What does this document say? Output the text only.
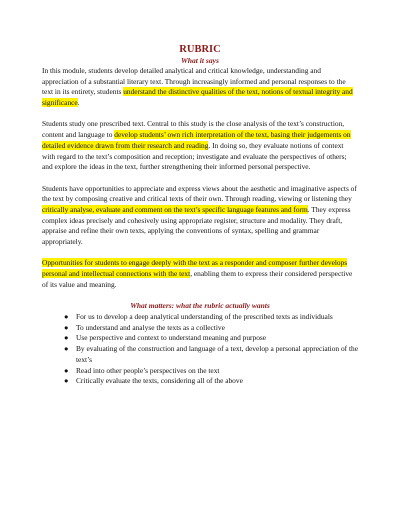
RUBRIC
What it says

In this module, students develop detailed analytical and critical knowledge, understanding and appreciation of a substantial literary text. Through increasingly informed and personal responses to the text in its entirety, students understand the distinctive qualities of the text, notions of textual integrity and significance.

Students study one prescribed text. Central to this study is the close analysis of the text’s construction, content and language to develop students’ own rich interpretation of the text, basing their judgements on detailed evidence drawn from their research and reading. In doing so, they evaluate notions of context with regard to the text’s composition and reception; investigate and evaluate the perspectives of others; and explore the ideas in the text, further strengthening their informed personal perspective.

Students have opportunities to appreciate and express views about the aesthetic and imaginative aspects of the text by composing creative and critical texts of their own. Through reading, viewing or listening they critically analyse, evaluate and comment on the text’s specific language features and form. They express complex ideas precisely and cohesively using appropriate register, structure and modality. They draft, appraise and refine their own texts, applying the conventions of syntax, spelling and grammar appropriately.

Opportunities for students to engage deeply with the text as a responder and composer further develops personal and intellectual connections with the text, enabling them to express their considered perspective of its value and meaning.

What matters: what the rubric actually wants
● For us to develop a deep analytical understanding of the prescribed texts as individuals
● To understand and analyse the texts as a collective
● Use perspective and context to understand meaning and purpose
● By evaluating of the construction and language of a text, develop a personal appreciation of the text’s
● Read into other people’s perspectives on the text
● Critically evaluate the texts, considering all of the above
